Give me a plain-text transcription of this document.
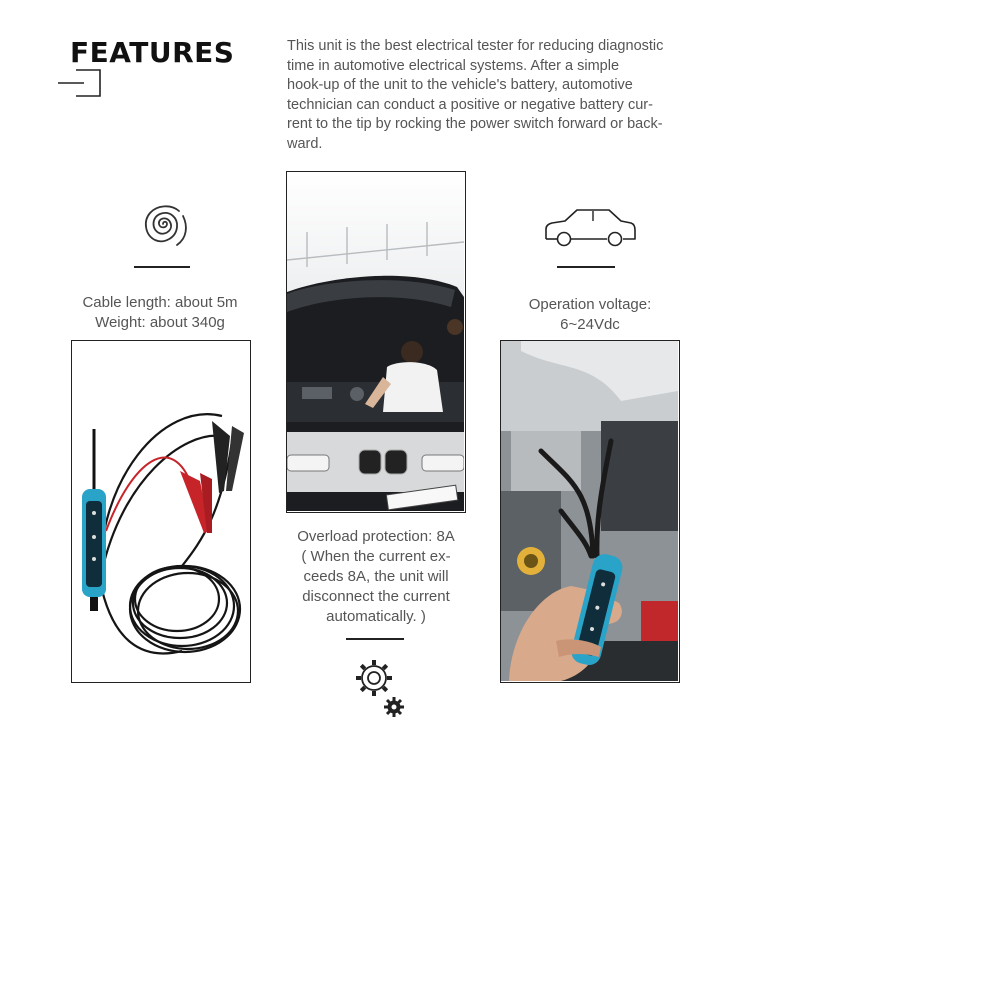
FEATURES	This unit is the best electrical tester for reducing diagnostic
time in automotive electrical systems. After a simple
hook-up of the unit to the vehicle's battery, automotive
technician can conduct a positive or negative battery cur-
rent to the tip by rocking the power switch forward or back-
ward.

Cable length: about 5m
Weight: about 340g

Overload protection: 8A
( When the current ex-
ceeds 8A, the unit will
disconnect the current
automatically. )

Operation voltage:
6~24Vdc
